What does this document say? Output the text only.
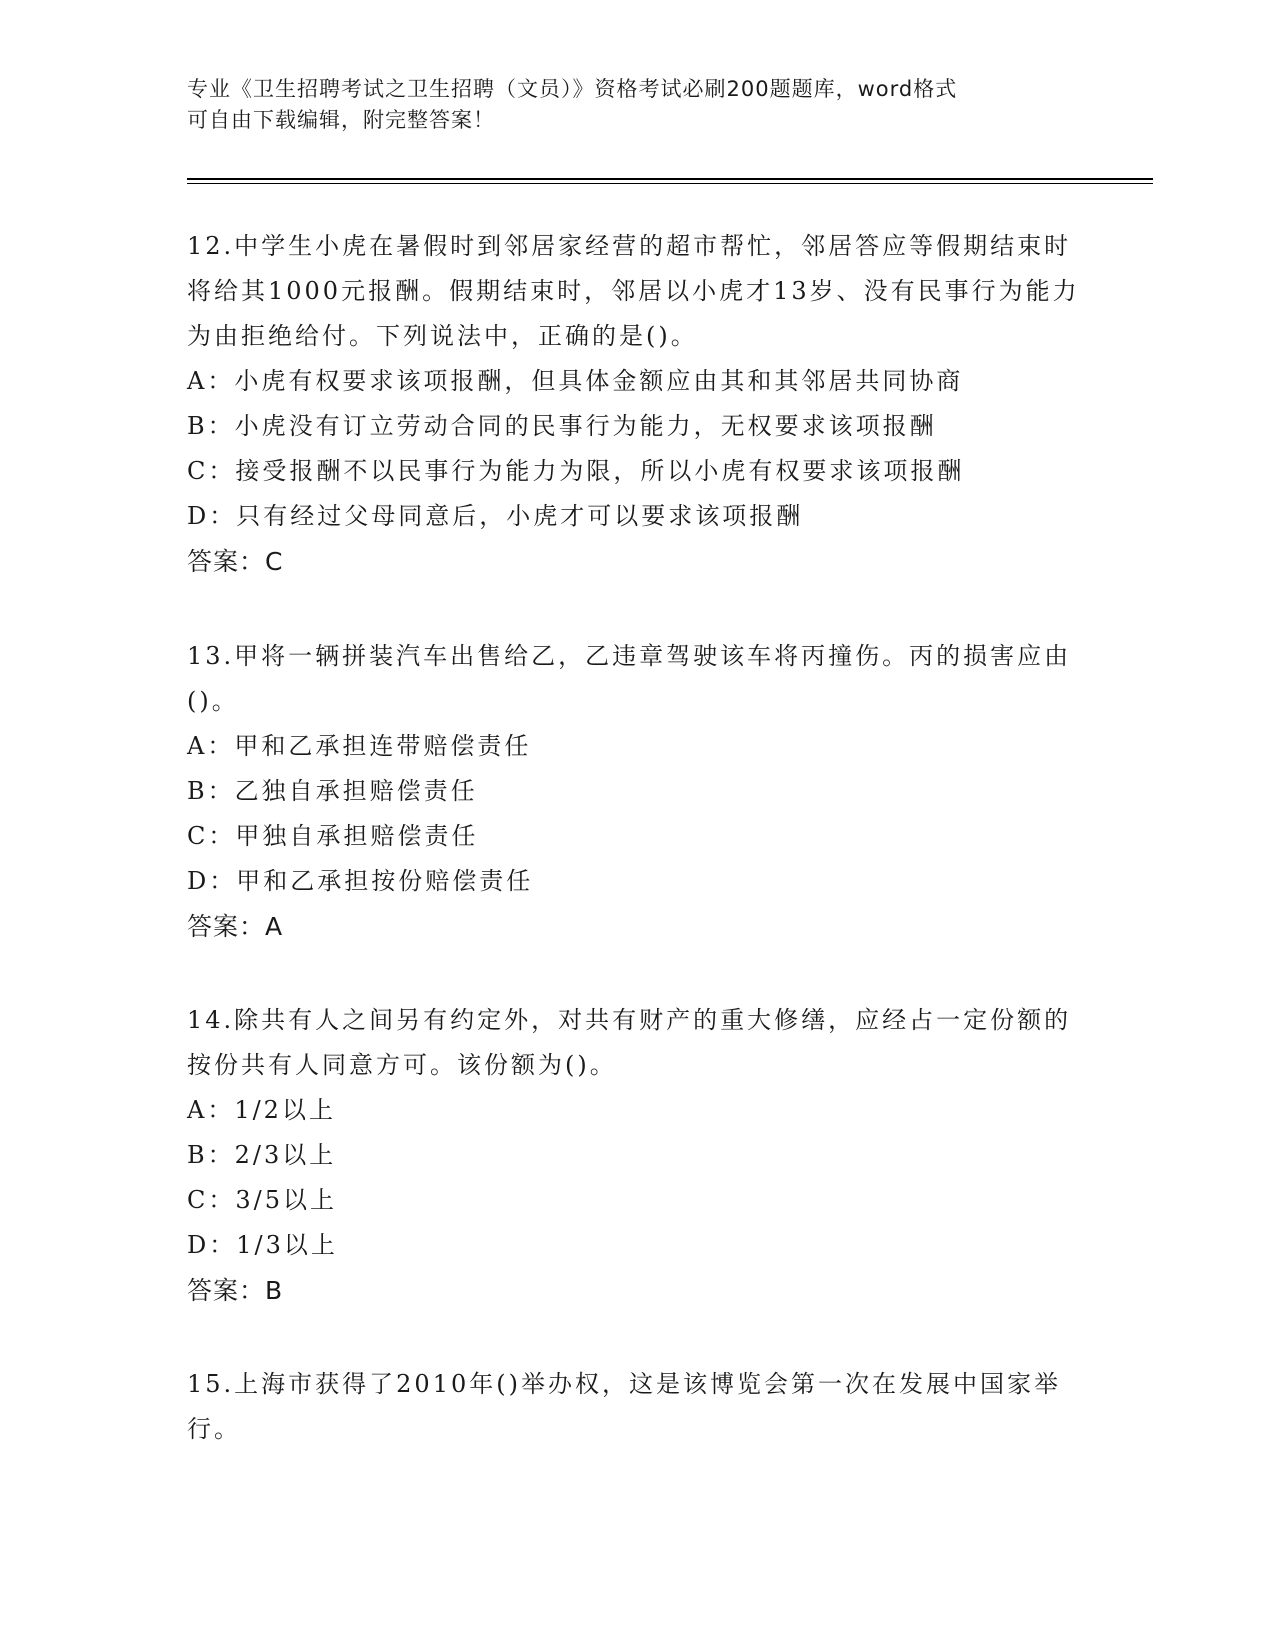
专业《卫生招聘考试之卫生招聘（文员）》资格考试必刷200题题库，word格式

可自由下载编辑，附完整答案！

12.中学生小虎在暑假时到邻居家经营的超市帮忙，邻居答应等假期结束时将给其1000元报酬。假期结束时，邻居以小虎才13岁、没有民事行为能力为由拒绝给付。下列说法中，正确的是()。

A：小虎有权要求该项报酬，但具体金额应由其和其邻居共同协商

B：小虎没有订立劳动合同的民事行为能力，无权要求该项报酬

C：接受报酬不以民事行为能力为限，所以小虎有权要求该项报酬

D：只有经过父母同意后，小虎才可以要求该项报酬

答案：C

13.甲将一辆拼装汽车出售给乙，乙违章驾驶该车将丙撞伤。丙的损害应由()。

A：甲和乙承担连带赔偿责任

B：乙独自承担赔偿责任

C：甲独自承担赔偿责任

D：甲和乙承担按份赔偿责任

答案：A

14.除共有人之间另有约定外，对共有财产的重大修缮，应经占一定份额的按份共有人同意方可。该份额为()。

A：1/2以上

B：2/3以上

C：3/5以上

D：1/3以上

答案：B

15.上海市获得了2010年()举办权，这是该博览会第一次在发展中国家举行。
